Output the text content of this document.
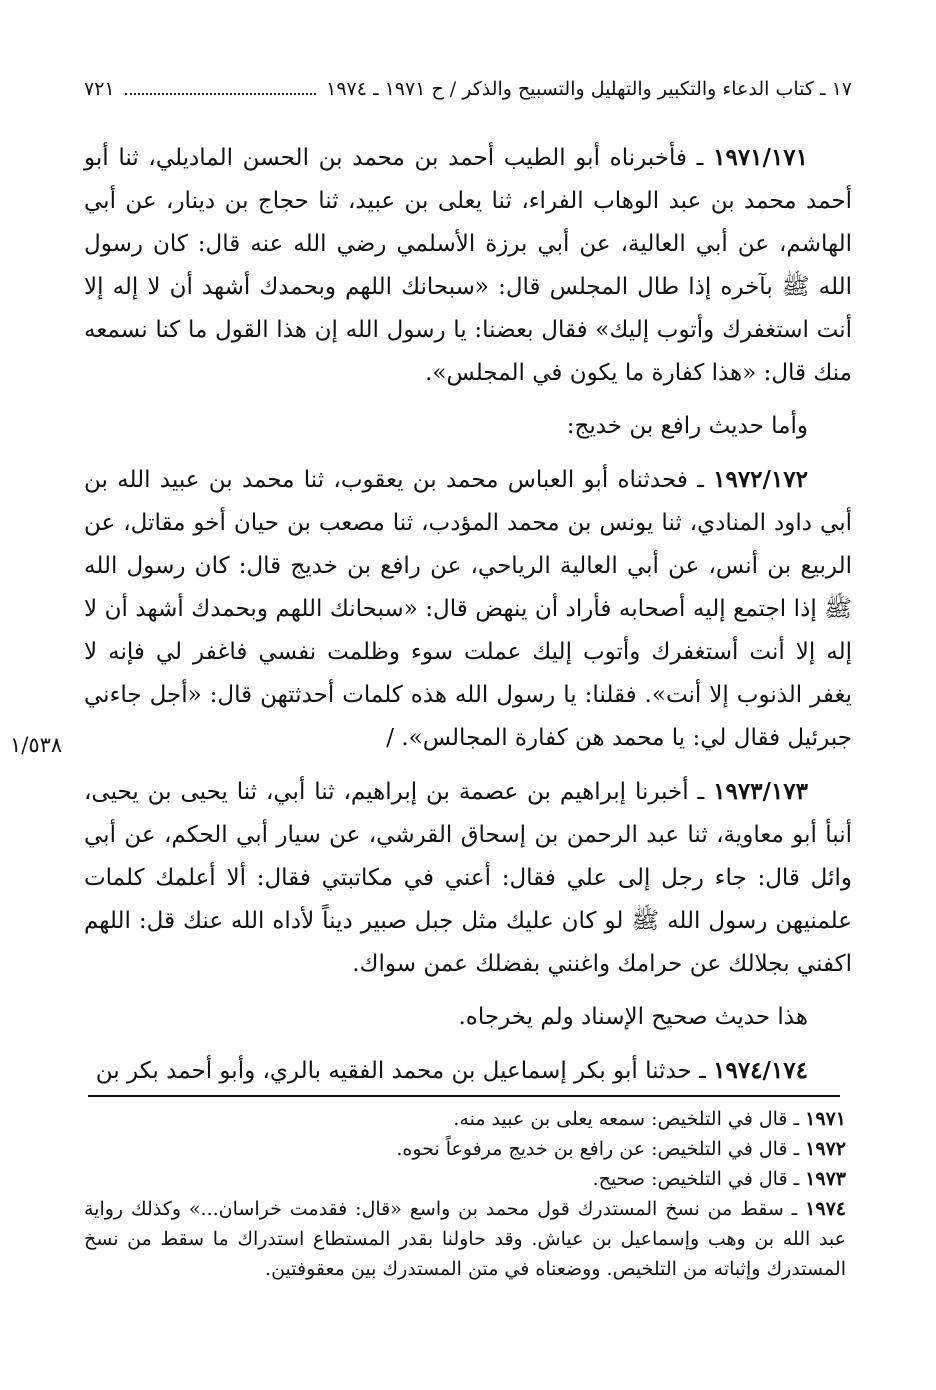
١٧ ـ كتاب الدعاء والتكبير والتهليل والتسبيح والذكر / ح ١٩٧١ ـ ١٩٧٤
٧٢١

١٩٧١/١٧١ ـ فأخبرناه أبو الطيب أحمد بن محمد بن الحسن الماديلي، ثنا أبو أحمد محمد بن عبد الوهاب الفراء، ثنا يعلى بن عبيد، ثنا حجاج بن دينار، عن أبي الهاشم، عن أبي العالية، عن أبي برزة الأسلمي رضي الله عنه قال: كان رسول الله ﷺ بآخره إذا طال المجلس قال: «سبحانك اللهم وبحمدك أشهد أن لا إله إلا أنت استغفرك وأتوب إليك» فقال بعضنا: يا رسول الله إن هذا القول ما كنا نسمعه منك قال: «هذا كفارة ما يكون في المجلس».

وأما حديث رافع بن خديج:

١٩٧٢/١٧٢ ـ فحدثناه أبو العباس محمد بن يعقوب، ثنا محمد بن عبيد الله بن أبي داود المنادي، ثنا يونس بن محمد المؤدب، ثنا مصعب بن حيان أخو مقاتل، عن الربيع بن أنس، عن أبي العالية الرياحي، عن رافع بن خديج قال: كان رسول الله ﷺ إذا اجتمع إليه أصحابه فأراد أن ينهض قال: «سبحانك اللهم وبحمدك أشهد أن لا إله إلا أنت أستغفرك وأتوب إليك عملت سوء وظلمت نفسي فاغفر لي فإنه لا يغفر الذنوب إلا أنت». فقلنا: يا رسول الله هذه كلمات أحدثتهن قال: «أجل جاءني جبرئيل فقال لي: يا محمد هن كفارة المجالس». /

١٩٧٣/١٧٣ ـ أخبرنا إبراهيم بن عصمة بن إبراهيم، ثنا أبي، ثنا يحيى بن يحيى، أنبأ أبو معاوية، ثنا عبد الرحمن بن إسحاق القرشي، عن سيار أبي الحكم، عن أبي وائل قال: جاء رجل إلى علي فقال: أعني في مكاتبتي فقال: ألا أعلمك كلمات علمنيهن رسول الله ﷺ لو كان عليك مثل جبل صبير ديناً لأداه الله عنك قل: اللهم اكفني بجلالك عن حرامك واغنني بفضلك عمن سواك.

هذا حديث صحيح الإسناد ولم يخرجاه.

١٩٧٤/١٧٤ ـ حدثنا أبو بكر إسماعيل بن محمد الفقيه بالري، وأبو أحمد بكر بن

١/٥٣٨

١٩٧١ ـ قال في التلخيص: سمعه يعلى بن عبيد منه.

١٩٧٢ ـ قال في التلخيص: عن رافع بن خديج مرفوعاً نحوه.

١٩٧٣ ـ قال في التلخيص: صحيح.

١٩٧٤ ـ سقط من نسخ المستدرك قول محمد بن واسع «قال: فقدمت خراسان...» وكذلك رواية عبد الله بن وهب وإسماعيل بن عياش. وقد حاولنا بقدر المستطاع استدراك ما سقط من نسخ المستدرك وإثباته من التلخيص. ووضعناه في متن المستدرك بين معقوفتين.
